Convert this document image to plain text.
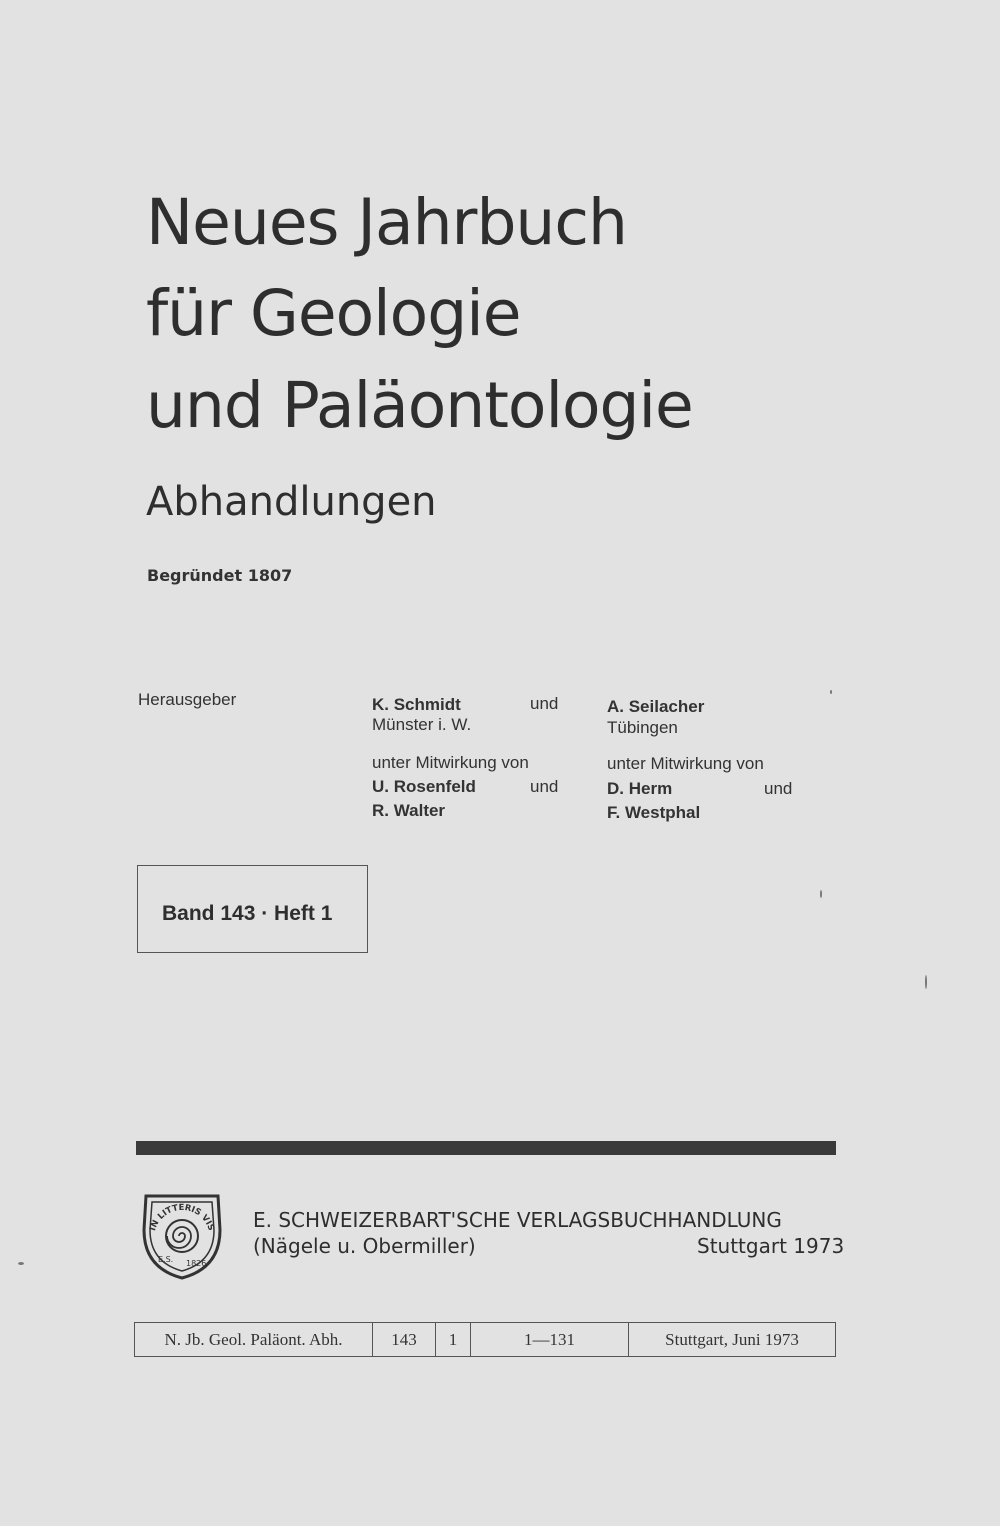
Neues Jahrbuch
für Geologie
und Paläontologie
Abhandlungen
Begründet 1807
Herausgeber	K. Schmidt	und
Münster i. W.
A. Seilacher
Tübingen
unter Mitwirkung von
U. Rosenfeld	und
R. Walter
unter Mitwirkung von
D. Herm	und
F. Westphal
Band 143 · Heft 1
IN LITTERIS VIS
E.S. 1826
E. SCHWEIZERBART'SCHE VERLAGSBUCHHANDLUNG
(Nägele u. Obermiller)	Stuttgart 1973
N. Jb. Geol. Paläont. Abh.	143	1	1—131	Stuttgart, Juni 1973
